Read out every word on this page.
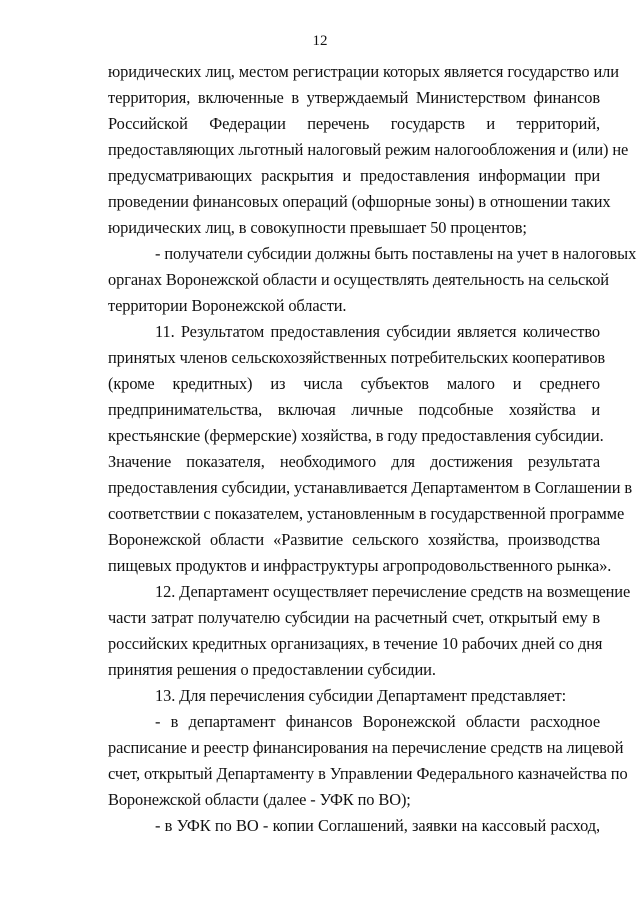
12
юридических лиц, местом регистрации которых является государство или
территория, включенные в утверждаемый Министерством финансов
Российской Федерации перечень государств и территорий,
предоставляющих льготный налоговый режим налогообложения и (или) не
предусматривающих раскрытия и предоставления информации при
проведении финансовых операций (офшорные зоны) в отношении таких
юридических лиц, в совокупности превышает 50 процентов;
- получатели субсидии должны быть поставлены на учет в налоговых
органах Воронежской области и осуществлять деятельность на сельской
территории Воронежской области.
11. Результатом предоставления субсидии является количество
принятых членов сельскохозяйственных потребительских кооперативов
(кроме кредитных) из числа субъектов малого и среднего
предпринимательства, включая личные подсобные хозяйства и
крестьянские (фермерские) хозяйства, в году предоставления субсидии.
Значение показателя, необходимого для достижения результата
предоставления субсидии, устанавливается Департаментом в Соглашении в
соответствии с показателем, установленным в государственной программе
Воронежской области «Развитие сельского хозяйства, производства
пищевых продуктов и инфраструктуры агропродовольственного рынка».
12. Департамент осуществляет перечисление средств на возмещение
части затрат получателю субсидии на расчетный счет, открытый ему в
российских кредитных организациях, в течение 10 рабочих дней со дня
принятия решения о предоставлении субсидии.
13. Для перечисления субсидии Департамент представляет:
- в департамент финансов Воронежской области расходное
расписание и реестр финансирования на перечисление средств на лицевой
счет, открытый Департаменту в Управлении Федерального казначейства по
Воронежской области (далее - УФК по ВО);
- в УФК по ВО - копии Соглашений, заявки на кассовый расход,
